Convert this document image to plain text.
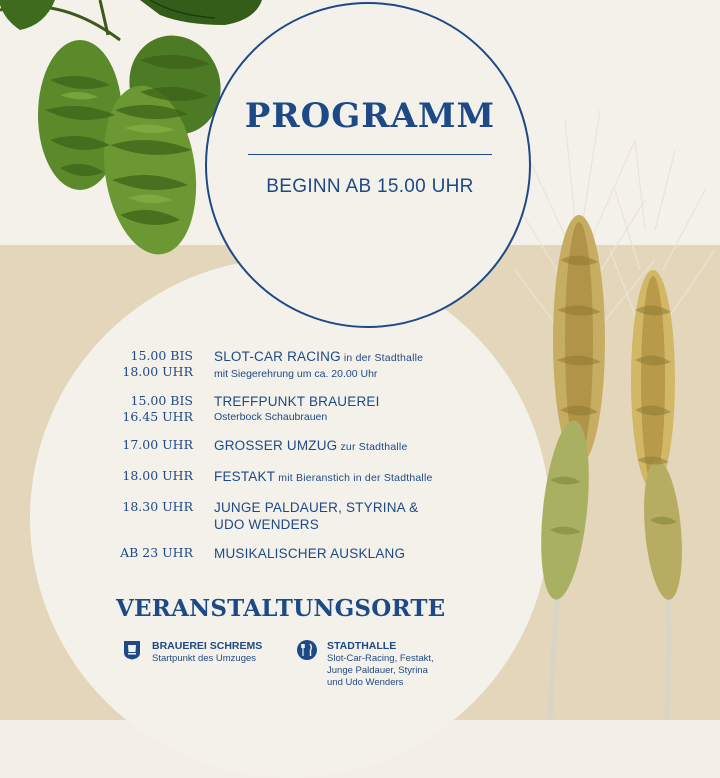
PROGRAMM
BEGINN AB 15.00 UHR
15.00 BIS
18.00 UHR
SLOT-CAR RACING in der Stadthalle
mit Siegerehrung um ca. 20.00 Uhr
15.00 BIS
16.45 UHR
TREFFPUNKT BRAUEREI
Osterbock Schaubrauen
17.00 UHR GROSSER UMZUG zur Stadthalle
18.00 UHR FESTAKT mit Bieranstich in der Stadthalle
18.30 UHR JUNGE PALDAUER, STYRINA &
UDO WENDERS
AB 23 UHR MUSIKALISCHER AUSKLANG
VERANSTALTUNGSORTE
BRAUEREI SCHREMS
Startpunkt des Umzuges
STADTHALLE
Slot-Car-Racing, Festakt,
Junge Paldauer, Styrina
und Udo Wenders
